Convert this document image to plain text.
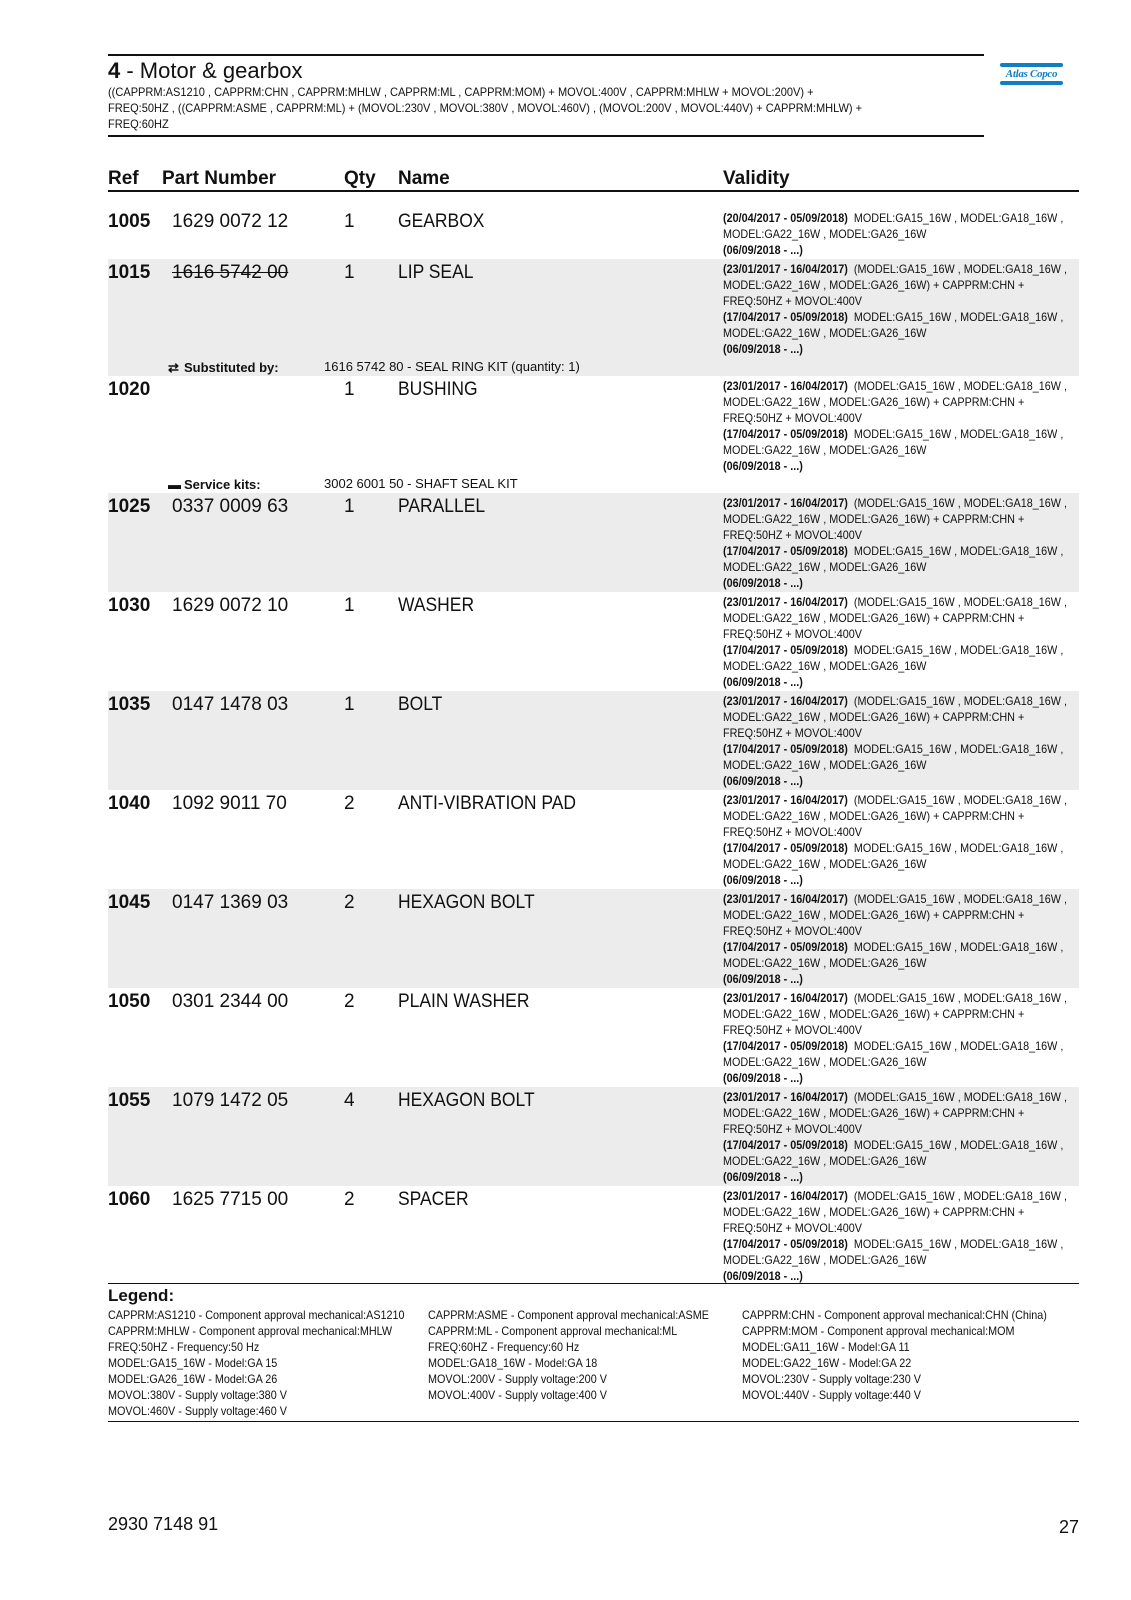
4 - Motor & gearbox
((CAPPRM:AS1210 , CAPPRM:CHN , CAPPRM:MHLW , CAPPRM:ML , CAPPRM:MOM) + MOVOL:400V , CAPPRM:MHLW + MOVOL:200V) +
FREQ:50HZ , ((CAPPRM:ASME , CAPPRM:ML) + (MOVOL:230V , MOVOL:380V , MOVOL:460V) , (MOVOL:200V , MOVOL:440V) + CAPPRM:MHLW) +
FREQ:60HZ
Atlas Copco
Ref Part Number	Qty Name	Validity
1005 1629 0072 12	1 GEARBOX	(20/04/2017 - 05/09/2018)  MODEL:GA15_16W , MODEL:GA18_16W ,
MODEL:GA22_16W , MODEL:GA26_16W
(06/09/2018 - ...)
1015 1616 5742 00	1 LIP SEAL	(23/01/2017 - 16/04/2017)  (MODEL:GA15_16W , MODEL:GA18_16W ,
MODEL:GA22_16W , MODEL:GA26_16W) + CAPPRM:CHN +
FREQ:50HZ + MOVOL:400V
(17/04/2017 - 05/09/2018)  MODEL:GA15_16W , MODEL:GA18_16W ,
MODEL:GA22_16W , MODEL:GA26_16W
(06/09/2018 - ...)
⇄ Substituted by:	1616 5742 80 - SEAL RING KIT (quantity: 1)
1020	1 BUSHING	(23/01/2017 - 16/04/2017)  (MODEL:GA15_16W , MODEL:GA18_16W ,
MODEL:GA22_16W , MODEL:GA26_16W) + CAPPRM:CHN +
FREQ:50HZ + MOVOL:400V
(17/04/2017 - 05/09/2018)  MODEL:GA15_16W , MODEL:GA18_16W ,
MODEL:GA22_16W , MODEL:GA26_16W
(06/09/2018 - ...)
▬ Service kits:	3002 6001 50 - SHAFT SEAL KIT
1025 0337 0009 63	1 PARALLEL	(23/01/2017 - 16/04/2017)  (MODEL:GA15_16W , MODEL:GA18_16W ,
MODEL:GA22_16W , MODEL:GA26_16W) + CAPPRM:CHN +
FREQ:50HZ + MOVOL:400V
(17/04/2017 - 05/09/2018)  MODEL:GA15_16W , MODEL:GA18_16W ,
MODEL:GA22_16W , MODEL:GA26_16W
(06/09/2018 - ...)
1030 1629 0072 10	1 WASHER	(23/01/2017 - 16/04/2017)  (MODEL:GA15_16W , MODEL:GA18_16W ,
MODEL:GA22_16W , MODEL:GA26_16W) + CAPPRM:CHN +
FREQ:50HZ + MOVOL:400V
(17/04/2017 - 05/09/2018)  MODEL:GA15_16W , MODEL:GA18_16W ,
MODEL:GA22_16W , MODEL:GA26_16W
(06/09/2018 - ...)
1035 0147 1478 03	1 BOLT	(23/01/2017 - 16/04/2017)  (MODEL:GA15_16W , MODEL:GA18_16W ,
MODEL:GA22_16W , MODEL:GA26_16W) + CAPPRM:CHN +
FREQ:50HZ + MOVOL:400V
(17/04/2017 - 05/09/2018)  MODEL:GA15_16W , MODEL:GA18_16W ,
MODEL:GA22_16W , MODEL:GA26_16W
(06/09/2018 - ...)
1040 1092 9011 70	2 ANTI-VIBRATION PAD	(23/01/2017 - 16/04/2017)  (MODEL:GA15_16W , MODEL:GA18_16W ,
MODEL:GA22_16W , MODEL:GA26_16W) + CAPPRM:CHN +
FREQ:50HZ + MOVOL:400V
(17/04/2017 - 05/09/2018)  MODEL:GA15_16W , MODEL:GA18_16W ,
MODEL:GA22_16W , MODEL:GA26_16W
(06/09/2018 - ...)
1045 0147 1369 03	2 HEXAGON BOLT	(23/01/2017 - 16/04/2017)  (MODEL:GA15_16W , MODEL:GA18_16W ,
MODEL:GA22_16W , MODEL:GA26_16W) + CAPPRM:CHN +
FREQ:50HZ + MOVOL:400V
(17/04/2017 - 05/09/2018)  MODEL:GA15_16W , MODEL:GA18_16W ,
MODEL:GA22_16W , MODEL:GA26_16W
(06/09/2018 - ...)
1050 0301 2344 00	2 PLAIN WASHER	(23/01/2017 - 16/04/2017)  (MODEL:GA15_16W , MODEL:GA18_16W ,
MODEL:GA22_16W , MODEL:GA26_16W) + CAPPRM:CHN +
FREQ:50HZ + MOVOL:400V
(17/04/2017 - 05/09/2018)  MODEL:GA15_16W , MODEL:GA18_16W ,
MODEL:GA22_16W , MODEL:GA26_16W
(06/09/2018 - ...)
1055 1079 1472 05	4 HEXAGON BOLT	(23/01/2017 - 16/04/2017)  (MODEL:GA15_16W , MODEL:GA18_16W ,
MODEL:GA22_16W , MODEL:GA26_16W) + CAPPRM:CHN +
FREQ:50HZ + MOVOL:400V
(17/04/2017 - 05/09/2018)  MODEL:GA15_16W , MODEL:GA18_16W ,
MODEL:GA22_16W , MODEL:GA26_16W
(06/09/2018 - ...)
1060 1625 7715 00	2 SPACER	(23/01/2017 - 16/04/2017)  (MODEL:GA15_16W , MODEL:GA18_16W ,
MODEL:GA22_16W , MODEL:GA26_16W) + CAPPRM:CHN +
FREQ:50HZ + MOVOL:400V
(17/04/2017 - 05/09/2018)  MODEL:GA15_16W , MODEL:GA18_16W ,
MODEL:GA22_16W , MODEL:GA26_16W
(06/09/2018 - ...)
Legend:
CAPPRM:AS1210 - Component approval mechanical:AS1210
CAPPRM:MHLW - Component approval mechanical:MHLW
FREQ:50HZ - Frequency:50 Hz
MODEL:GA15_16W - Model:GA 15
MODEL:GA26_16W - Model:GA 26
MOVOL:380V - Supply voltage:380 V
MOVOL:460V - Supply voltage:460 V
CAPPRM:ASME - Component approval mechanical:ASME
CAPPRM:ML - Component approval mechanical:ML
FREQ:60HZ - Frequency:60 Hz
MODEL:GA18_16W - Model:GA 18
MOVOL:200V - Supply voltage:200 V
MOVOL:400V - Supply voltage:400 V
CAPPRM:CHN - Component approval mechanical:CHN (China)
CAPPRM:MOM - Component approval mechanical:MOM
MODEL:GA11_16W - Model:GA 11
MODEL:GA22_16W - Model:GA 22
MOVOL:230V - Supply voltage:230 V
MOVOL:440V - Supply voltage:440 V
2930 7148 91	27
